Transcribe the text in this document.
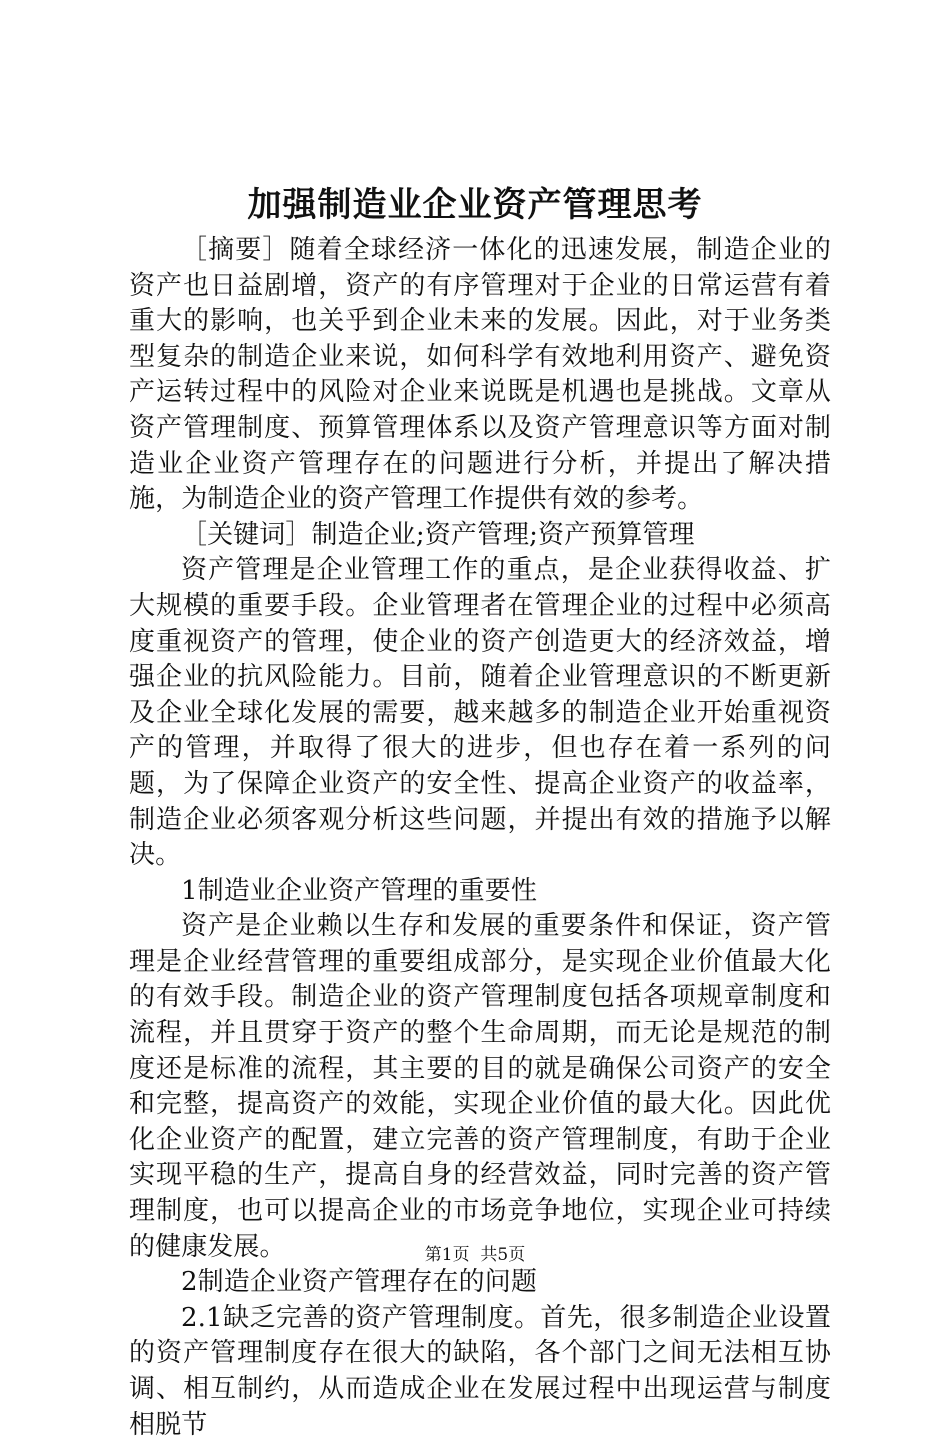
加强制造业企业资产管理思考

［摘要］随着全球经济一体化的迅速发展，制造企业的资产也日益剧增，资产的有序管理对于企业的日常运营有着重大的影响，也关乎到企业未来的发展。因此，对于业务类型复杂的制造企业来说，如何科学有效地利用资产、避免资产运转过程中的风险对企业来说既是机遇也是挑战。文章从资产管理制度、预算管理体系以及资产管理意识等方面对制造业企业资产管理存在的问题进行分析，并提出了解决措施，为制造企业的资产管理工作提供有效的参考。

［关键词］制造企业;资产管理;资产预算管理

资产管理是企业管理工作的重点，是企业获得收益、扩大规模的重要手段。企业管理者在管理企业的过程中必须高度重视资产的管理，使企业的资产创造更大的经济效益，增强企业的抗风险能力。目前，随着企业管理意识的不断更新及企业全球化发展的需要，越来越多的制造企业开始重视资产的管理，并取得了很大的进步，但也存在着一系列的问题，为了保障企业资产的安全性、提高企业资产的收益率，制造企业必须客观分析这些问题，并提出有效的措施予以解决。

1制造业企业资产管理的重要性

资产是企业赖以生存和发展的重要条件和保证，资产管理是企业经营管理的重要组成部分，是实现企业价值最大化的有效手段。制造企业的资产管理制度包括各项规章制度和流程，并且贯穿于资产的整个生命周期，而无论是规范的制度还是标准的流程，其主要的目的就是确保公司资产的安全和完整，提高资产的效能，实现企业价值的最大化。因此优化企业资产的配置，建立完善的资产管理制度，有助于企业实现平稳的生产，提高自身的经营效益，同时完善的资产管理制度，也可以提高企业的市场竞争地位，实现企业可持续的健康发展。

2制造企业资产管理存在的问题

2.1缺乏完善的资产管理制度。首先，很多制造企业设置的资产管理制度存在很大的缺陷，各个部门之间无法相互协调、相互制约，从而造成企业在发展过程中出现运营与制度相脱节

第1页 共5页
